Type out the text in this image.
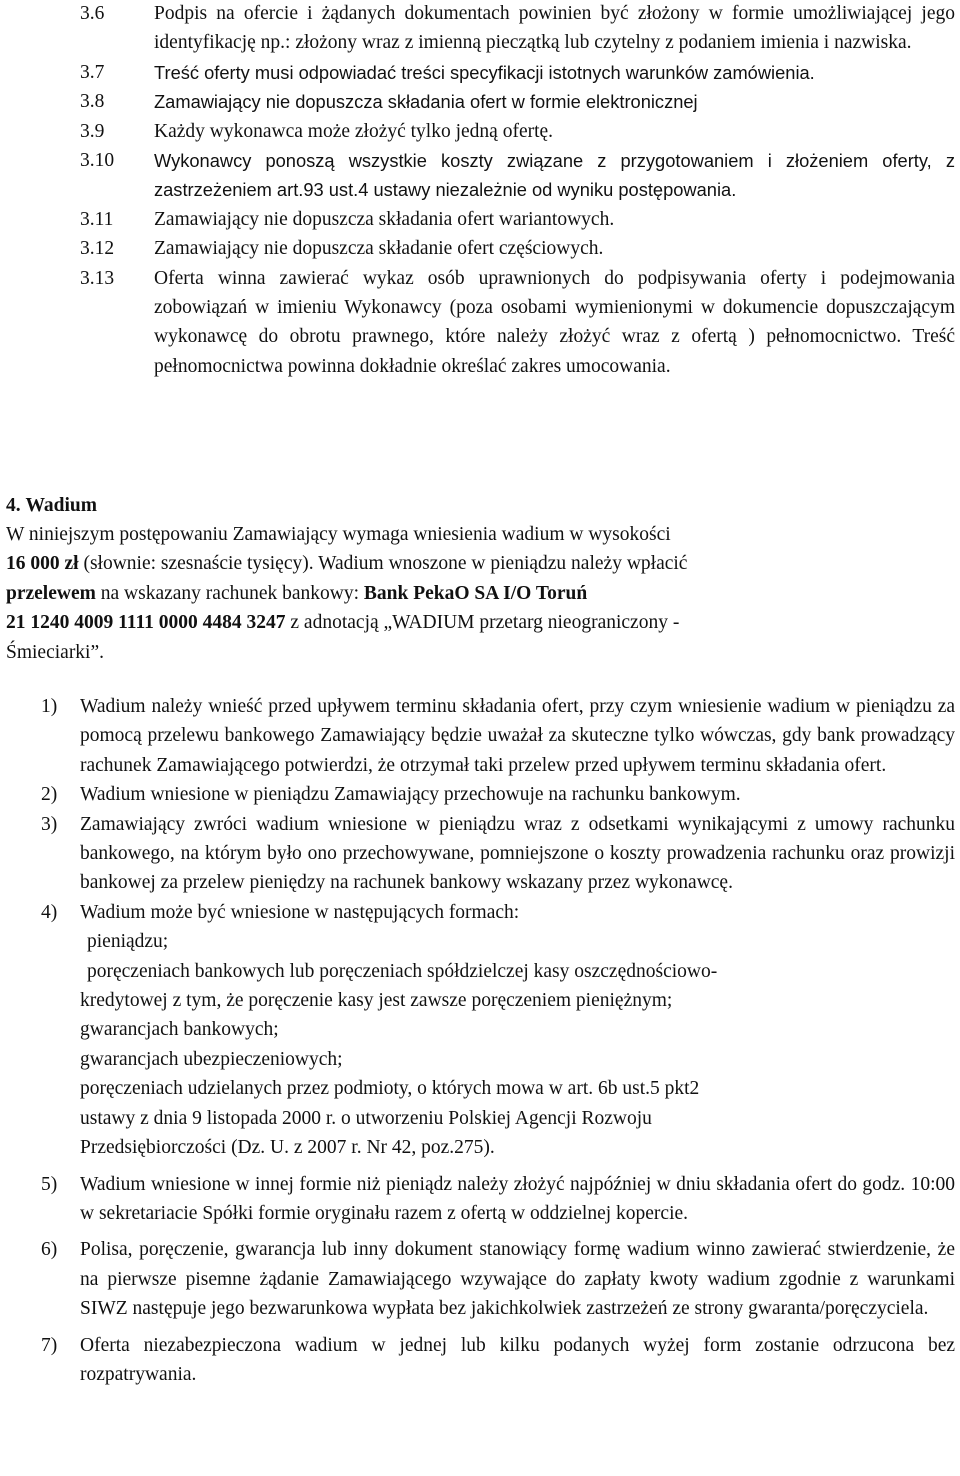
3.6	Podpis na ofercie i żądanych dokumentach powinien być złożony w formie umożliwiającej jego identyfikację np.: złożony wraz z imienną pieczątką lub czytelny z podaniem imienia i nazwiska.
3.7	Treść oferty musi odpowiadać treści specyfikacji istotnych warunków zamówienia.
3.8	Zamawiający nie dopuszcza składania ofert w formie elektronicznej
3.9	Każdy wykonawca może złożyć tylko jedną ofertę.
3.10 Wykonawcy ponoszą wszystkie koszty związane z przygotowaniem i złożeniem oferty, z zastrzeżeniem art.93 ust.4 ustawy niezależnie od wyniku postępowania.
3.11 Zamawiający nie dopuszcza składania ofert wariantowych.
3.12 Zamawiający nie dopuszcza składanie ofert częściowych.
3.13 Oferta winna zawierać wykaz osób uprawnionych do podpisywania oferty i podejmowania zobowiązań w imieniu Wykonawcy (poza osobami wymienionymi w dokumencie dopuszczającym wykonawcę do obrotu prawnego, które należy złożyć wraz z ofertą ) pełnomocnictwo. Treść pełnomocnictwa powinna dokładnie określać zakres umocowania.
4. Wadium
W niniejszym postępowaniu Zamawiający wymaga wniesienia wadium w wysokości
16 000 zł (słownie: szesnaście tysięcy). Wadium wnoszone w pieniądzu należy wpłacić
przelewem na wskazany rachunek bankowy: Bank PekaO SA I/O Toruń
21 1240 4009 1111 0000 4484 3247 z adnotacją „WADIUM przetarg nieograniczony -
Śmieciarki”.
1) Wadium należy wnieść przed upływem terminu składania ofert, przy czym wniesienie wadium w pieniądzu za pomocą przelewu bankowego Zamawiający będzie uważał za skuteczne tylko wówczas, gdy bank prowadzący rachunek Zamawiającego potwierdzi, że otrzymał taki przelew przed upływem terminu składania ofert.
2) Wadium wniesione w pieniądzu Zamawiający przechowuje na rachunku bankowym.
3) Zamawiający zwróci wadium wniesione w pieniądzu wraz z odsetkami wynikającymi z umowy rachunku bankowego, na którym było ono przechowywane, pomniejszone o koszty prowadzenia rachunku oraz prowizji bankowej za przelew pieniędzy na rachunek bankowy wskazany przez wykonawcę.
4) Wadium może być wniesione w następujących formach:
pieniądzu;
poręczeniach bankowych lub poręczeniach spółdzielczej kasy oszczędnościowo-
kredytowej z tym, że poręczenie kasy jest zawsze poręczeniem pieniężnym;
gwarancjach bankowych;
gwarancjach ubezpieczeniowych;
poręczeniach udzielanych przez podmioty, o których mowa w art. 6b ust.5 pkt2
ustawy z dnia 9 listopada 2000 r. o utworzeniu Polskiej Agencji Rozwoju
Przedsiębiorczości (Dz. U. z 2007 r. Nr 42, poz.275).
5) Wadium wniesione w innej formie niż pieniądz należy złożyć najpóźniej w dniu składania ofert do godz. 10:00 w sekretariacie Spółki formie oryginału razem z ofertą w oddzielnej kopercie.
6) Polisa, poręczenie, gwarancja lub inny dokument stanowiący formę wadium winno zawierać stwierdzenie, że na pierwsze pisemne żądanie Zamawiającego wzywające do zapłaty kwoty wadium zgodnie z warunkami SIWZ następuje jego bezwarunkowa wypłata bez jakichkolwiek zastrzeżeń ze strony gwaranta/poręczyciela.
7) Oferta niezabezpieczona wadium w jednej lub kilku podanych wyżej form zostanie odrzucona bez rozpatrywania.
